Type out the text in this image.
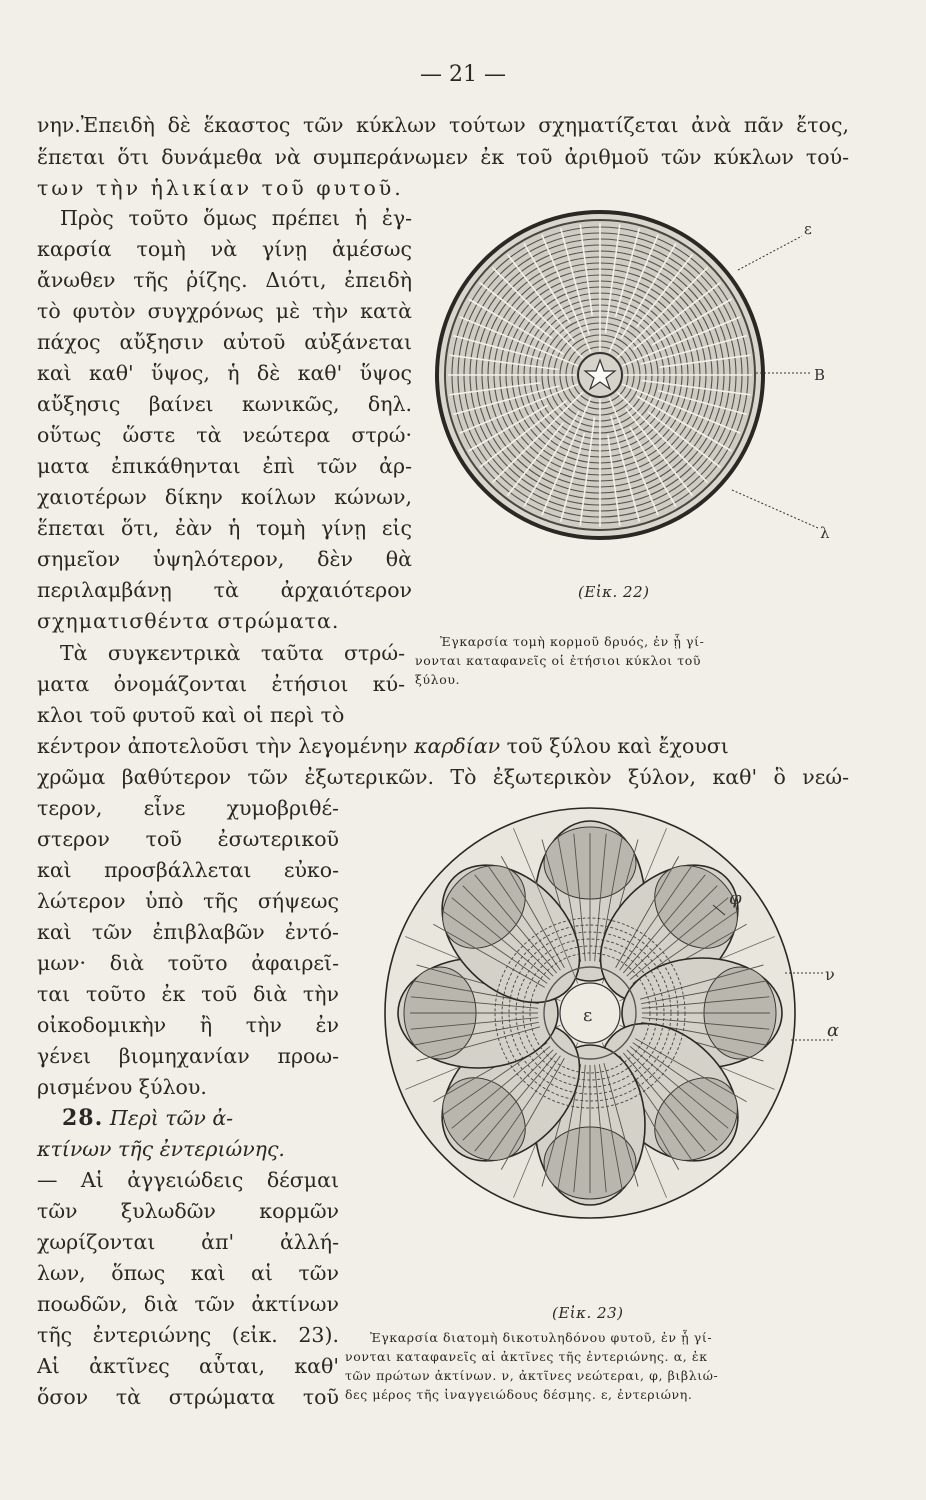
— 21 —
νην.Ἐπειδὴ δὲ ἕκαστος τῶν κύκλων τούτων σχηματίζεται ἀνὰ πᾶν ἔτος,
ἕπεται ὅτι δυνάμεθα νὰ συμπεράνωμεν ἐκ τοῦ ἀριθμοῦ τῶν κύκλων τού-
των τὴν ἡλικίαν τοῦ φυτοῦ.
Πρὸς τοῦτο ὅμως πρέπει ἡ ἐγ-
καρσία τομὴ νὰ γίνῃ ἀμέσως
ἄνωθεν τῆς ῥίζης. Διότι, ἐπειδὴ
τὸ φυτὸν συγχρόνως μὲ τὴν κατὰ
πάχος αὔξησιν αὐτοῦ αὐξάνεται
καὶ καθ' ὕψος, ἡ δὲ καθ' ὕψος
αὔξησις βαίνει κωνικῶς, δηλ.
οὕτως ὥστε τὰ νεώτερα στρώ·
ματα ἐπικάθηνται ἐπὶ τῶν ἀρ-
χαιοτέρων δίκην κοίλων κώνων,
ἕπεται ὅτι, ἐὰν ἡ τομὴ γίνῃ εἰς
σημεῖον ὑψηλότερον, δὲν θὰ
περιλαμβάνῃ τὰ ἀρχαιότερον
σχηματισθέντα στρώματα.
Τὰ συγκεντρικὰ ταῦτα στρώ-
ματα ὀνομάζονται ἐτήσιοι κύ-
κλοι τοῦ φυτοῦ καὶ οἱ περὶ τὸ
κέντρον ἀποτελοῦσι τὴν λεγομένην καρδίαν τοῦ ξύλου καὶ ἔχουσι
χρῶμα βαθύτερον τῶν ἐξωτερικῶν. Τὸ ἐξωτερικὸν ξύλον, καθ' ὃ νεώ-
τερον, εἶνε χυμοβριθέ-
στερον τοῦ ἐσωτερικοῦ
καὶ προσβάλλεται εὐκο-
λώτερον ὑπὸ τῆς σήψεως
καὶ τῶν ἐπιβλαβῶν ἐντό-
μων· διὰ τοῦτο ἀφαιρεῖ-
ται τοῦτο ἐκ τοῦ διὰ τὴν
οἰκοδομικὴν ἢ τὴν ἐν
γένει βιομηχανίαν προω-
ρισμένου ξύλου.
28. Περὶ τῶν ἀ-
κτίνων τῆς ἐντεριώνης.
— Αἱ ἀγγειώδεις δέσμαι
τῶν ξυλωδῶν κορμῶν
χωρίζονται ἀπ' ἀλλή-
λων, ὅπως καὶ αἱ τῶν
ποωδῶν, διὰ τῶν ἀκτίνων
τῆς ἐντεριώνης (εἰκ. 23).
Αἱ ἀκτῖνες αὗται, καθ'
ὅσον τὰ στρώματα τοῦ
ε
Β
λ
(Εἰκ. 22)
Ἐγκαρσία τομὴ κορμοῦ δρυός, ἐν ᾗ γί-
νονται καταφανεῖς οἱ ἐτήσιοι κύκλοι τοῦ
ξύλου.
ε
φ
ν
α
(Εἰκ. 23)
Ἐγκαρσία διατομὴ δικοτυληδόνου φυτοῦ, ἐν ᾗ γί-
νονται καταφανεῖς αἱ ἀκτῖνες τῆς ἐντεριώνης. α, ἐκ
τῶν πρώτων ἀκτίνων. ν, ἀκτῖνες νεώτεραι, φ, βιβλιώ-
δες μέρος τῆς ἰναγγειώδους δέσμης. ε, ἐντεριώνη.
